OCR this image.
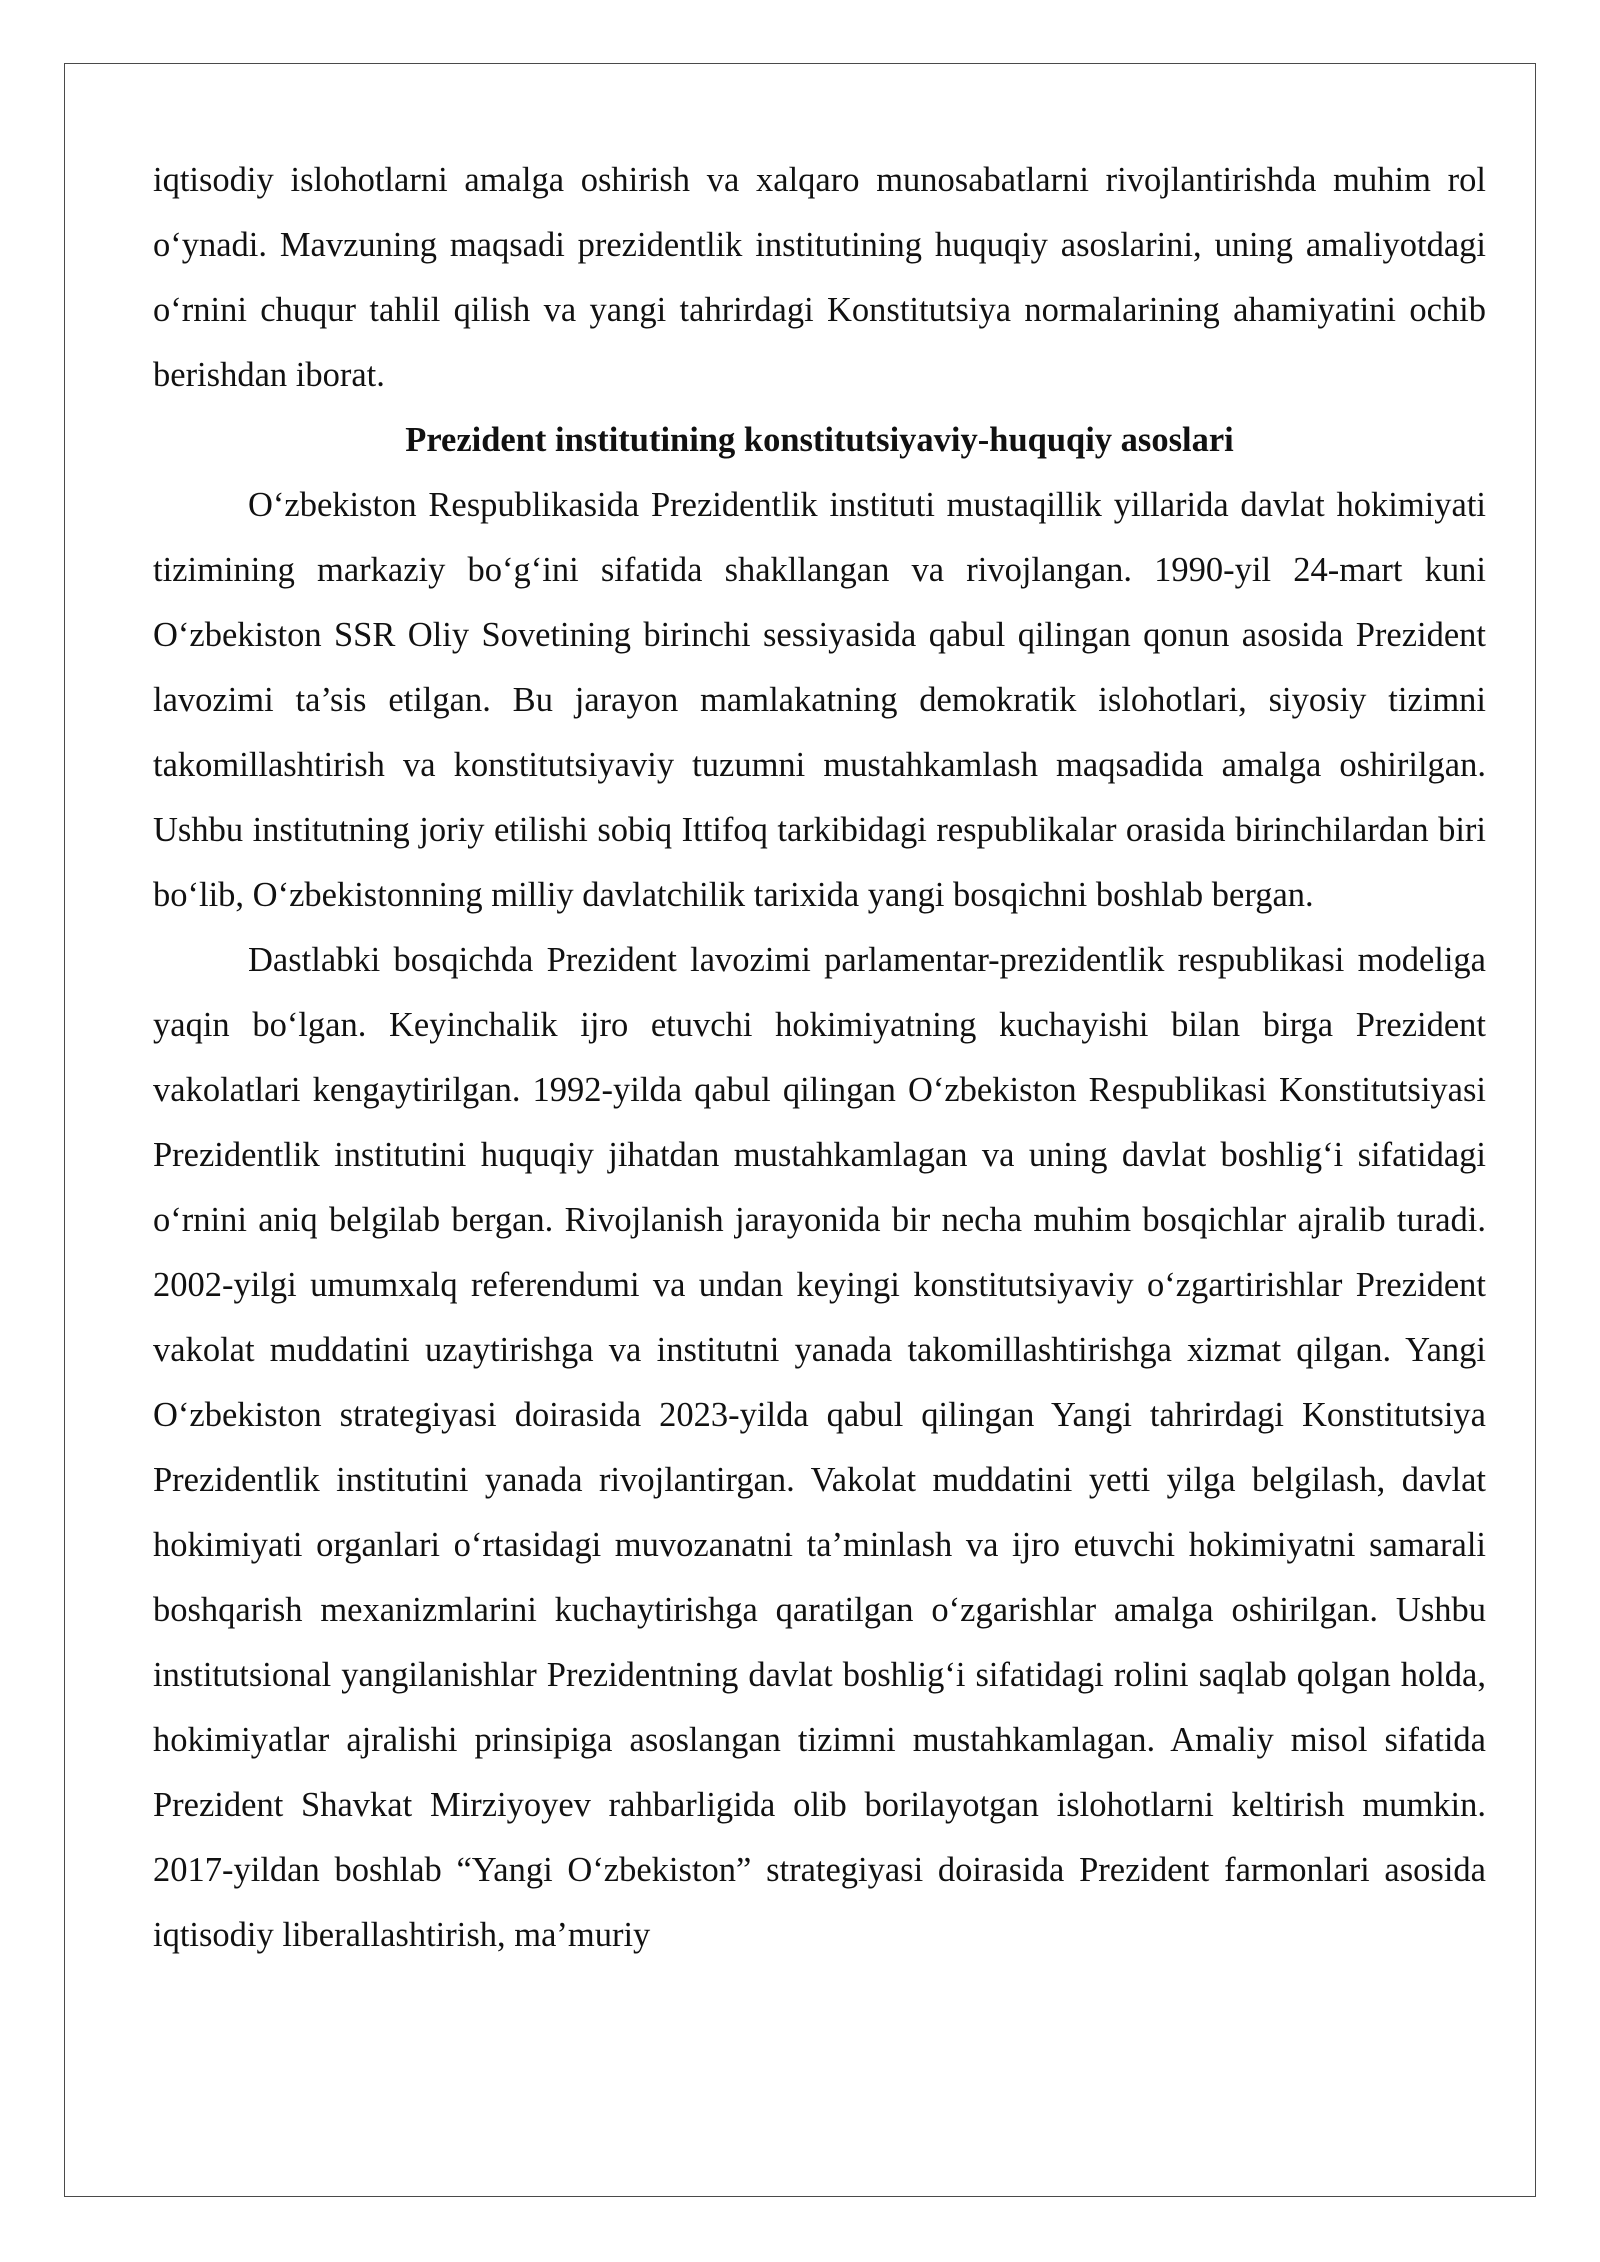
iqtisodiy islohotlarni amalga oshirish va xalqaro munosabatlarni rivojlantirishda muhim rol o‘ynadi. Mavzuning maqsadi prezidentlik institutining huquqiy asoslarini, uning amaliyotdagi o‘rnini chuqur tahlil qilish va yangi tahrirdagi Konstitutsiya normalarining ahamiyatini ochib berishdan iborat.

Prezident institutining konstitutsiyaviy-huquqiy asoslari

O‘zbekiston Respublikasida Prezidentlik instituti mustaqillik yillarida davlat hokimiyati tizimining markaziy bo‘g‘ini sifatida shakllangan va rivojlangan. 1990-yil 24-mart kuni O‘zbekiston SSR Oliy Sovetining birinchi sessiyasida qabul qilingan qonun asosida Prezident lavozimi ta’sis etilgan. Bu jarayon mamlakatning demokratik islohotlari, siyosiy tizimni takomillashtirish va konstitutsiyaviy tuzumni mustahkamlash maqsadida amalga oshirilgan. Ushbu institutning joriy etilishi sobiq Ittifoq tarkibidagi respublikalar orasida birinchilardan biri bo‘lib, O‘zbekistonning milliy davlatchilik tarixida yangi bosqichni boshlab bergan.

Dastlabki bosqichda Prezident lavozimi parlamentar-prezidentlik respublikasi modeliga yaqin bo‘lgan. Keyinchalik ijro etuvchi hokimiyatning kuchayishi bilan birga Prezident vakolatlari kengaytirilgan. 1992-yilda qabul qilingan O‘zbekiston Respublikasi Konstitutsiyasi Prezidentlik institutini huquqiy jihatdan mustahkamlagan va uning davlat boshlig‘i sifatidagi o‘rnini aniq belgilab bergan. Rivojlanish jarayonida bir necha muhim bosqichlar ajralib turadi. 2002-yilgi umumxalq referendumi va undan keyingi konstitutsiyaviy o‘zgartirishlar Prezident vakolat muddatini uzaytirishga va institutni yanada takomillashtirishga xizmat qilgan. Yangi O‘zbekiston strategiyasi doirasida 2023-yilda qabul qilingan Yangi tahrirdagi Konstitutsiya Prezidentlik institutini yanada rivojlantirgan. Vakolat muddatini yetti yilga belgilash, davlat hokimiyati organlari o‘rtasidagi muvozanatni ta’minlash va ijro etuvchi hokimiyatni samarali boshqarish mexanizmlarini kuchaytirishga qaratilgan o‘zgarishlar amalga oshirilgan. Ushbu institutsional yangilanishlar Prezidentning davlat boshlig‘i sifatidagi rolini saqlab qolgan holda, hokimiyatlar ajralishi prinsipiga asoslangan tizimni mustahkamlagan. Amaliy misol sifatida Prezident Shavkat Mirziyoyev rahbarligida olib borilayotgan islohotlarni keltirish mumkin. 2017-yildan boshlab “Yangi O‘zbekiston” strategiyasi doirasida Prezident farmonlari asosida iqtisodiy liberallashtirish, ma’muriy
